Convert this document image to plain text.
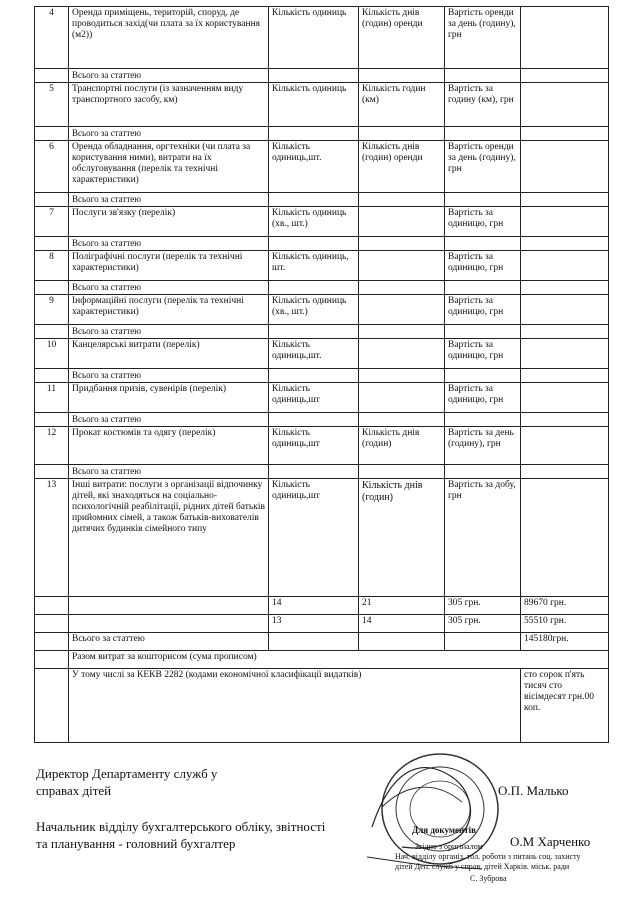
4	Оренда приміщень, територій, споруд, де проводиться захід(чи плата за їх користування (м2))	Кількість одиниць	Кількість днів (годин) оренди	Вартість оренди за день (годину), грн	
	Всього за статтею				
5	Транспортні послуги (із зазначенням виду транспортного засобу, км)	Кількість одиниць	Кількість годин (км)	Вартість за годину (км), грн	
	Всього за статтею				
6	Оренда обладнання, оргтехніки (чи плата за користування ними), витрати на їх обслуговування (перелік та технічні характеристики)	Кількість одиниць,шт.	Кількість днів (годин) оренди	Вартість оренди за день (годину), грн	
	Всього за статтею				
7	Послуги зв'язку (перелік)	Кількість одиниць (хв., шт.)		Вартість за одиницю, грн	
	Всього за статтею				
8	Поліграфічні послуги (перелік та технічні характеристики)	Кількість одиниць, шт.		Вартість за одиницю, грн	
	Всього за статтею				
9	Інформаційні послуги (перелік та технічні характеристики)	Кількість одиниць (хв., шт.)		Вартість за одиницю, грн	
	Всього за статтею				
10	Канцелярські витрати (перелік)	Кількість одиниць,шт.		Вартість за одиницю, грн	
	Всього за статтею				
11	Придбання призів, сувенірів (перелік)	Кількість одиниць,шт		Вартість за одиницю, грн	
	Всього за статтею				
12	Прокат костюмів та одягу (перелік)	Кількість одиниць,шт	Кількість днів (годин)	Вартість за день (годину), грн	
	Всього за статтею				
13	Інші витрати: послуги з організації відпочинку дітей, які знаходяться на соціально-психологічній реабілітації, рідних дітей батьків прийомних сімей, а також батьків-вихователів дитячих будинків сімейного типу	Кількість одиниць,шт	Кількість днів (годин)	Вартість за добу, грн	
		14	21	305 грн.	89670 грн.
		13	14	305 грн.	55510 грн.
	Всього за статтею				145180грн.
	Разом витрат за кошторисом (сума прописом)				
	У тому числі за КЕКВ 2282 (кодами економічної класифікації видатків)				сто сорок п'ять тисяч сто вісімдесят грн.00 коп.
Директор Департаменту служб у справах дітей	О.П. Малько
Начальник відділу бухгалтерського обліку, звітності та планування - головний бухгалтер	О.М Харченко
Для документів
Згідно з оригіналом
Нач. відділу організ. тол. роботи з питань соц. захисту
дітей Деп. служб у справ. дітей Харків. міськ. ради
С. Зуброва
